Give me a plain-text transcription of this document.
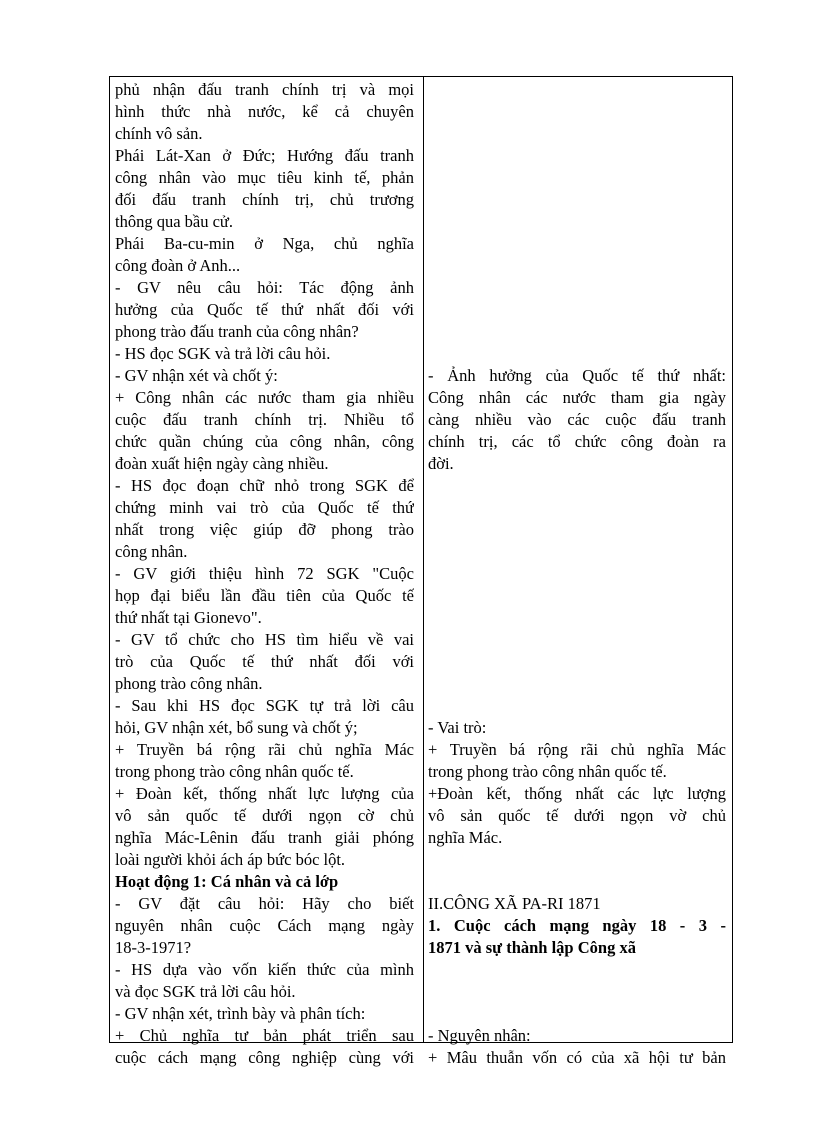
phủ nhận đấu tranh chính trị và mọi
hình thức nhà nước, kể cả chuyên
chính vô sản.
Phái Lát-Xan ở Đức; Hướng đấu tranh
công nhân vào mục tiêu kinh tế, phản
đối đấu tranh chính trị, chủ trương
thông qua bầu cử.
Phái Ba-cu-min ở Nga, chủ nghĩa
công đoàn ở Anh...
- GV nêu câu hỏi: Tác động ảnh
hưởng của Quốc tế thứ nhất đối với
phong trào đấu tranh của công nhân?
- HS đọc SGK và trả lời câu hỏi.
- GV nhận xét và chốt ý:
+ Công nhân các nước tham gia nhiều
cuộc đấu tranh chính trị. Nhiều tổ
chức quần chúng của công nhân, công
đoàn xuất hiện ngày càng nhiều.
- HS đọc đoạn chữ nhỏ trong SGK để
chứng minh vai trò của Quốc tế thứ
nhất trong việc giúp đỡ phong trào
công nhân.
- GV giới thiệu hình 72 SGK "Cuộc
họp đại biểu lần đầu tiên của Quốc tế
thứ nhất tại Gionevo".
- GV tổ chức cho HS tìm hiểu về vai
trò của Quốc tế thứ nhất đối với
phong trào công nhân.
- Sau khi HS đọc SGK tự trả lời câu
hỏi, GV nhận xét, bổ sung và chốt ý;
+ Truyền bá rộng rãi chủ nghĩa Mác
trong phong trào công nhân quốc tế.
+ Đoàn kết, thống nhất lực lượng của
vô sản quốc tế dưới ngọn cờ chủ
nghĩa Mác-Lênin đấu tranh giải phóng
loài người khỏi ách áp bức bóc lột.
Hoạt động 1: Cá nhân và cả lớp
- GV đặt câu hỏi: Hãy cho biết
nguyên nhân cuộc Cách mạng ngày
18-3-1971?
- HS dựa vào vốn kiến thức của mình
và đọc SGK trả lời câu hỏi.
- GV nhận xét, trình bày và phân tích:
+ Chủ nghĩa tư bản phát triển sau
cuộc cách mạng công nghiệp cùng với
- Ảnh hưởng của Quốc tế thứ nhất:
Công nhân các nước tham gia ngày
càng nhiều vào các cuộc đấu tranh
chính trị, các tổ chức công đoàn ra
đời.
- Vai trò:
+ Truyền bá rộng rãi chủ nghĩa Mác
trong phong trào công nhân quốc tế.
+Đoàn kết, thống nhất các lực lượng
vô sản quốc tế dưới ngọn vờ chủ
nghĩa Mác.
II.CÔNG XÃ PA-RI 1871
1. Cuộc cách mạng ngày 18 - 3 -
1871 và sự thành lập Công xã
- Nguyên nhân:
+ Mâu thuẫn vốn có của xã hội tư bản
